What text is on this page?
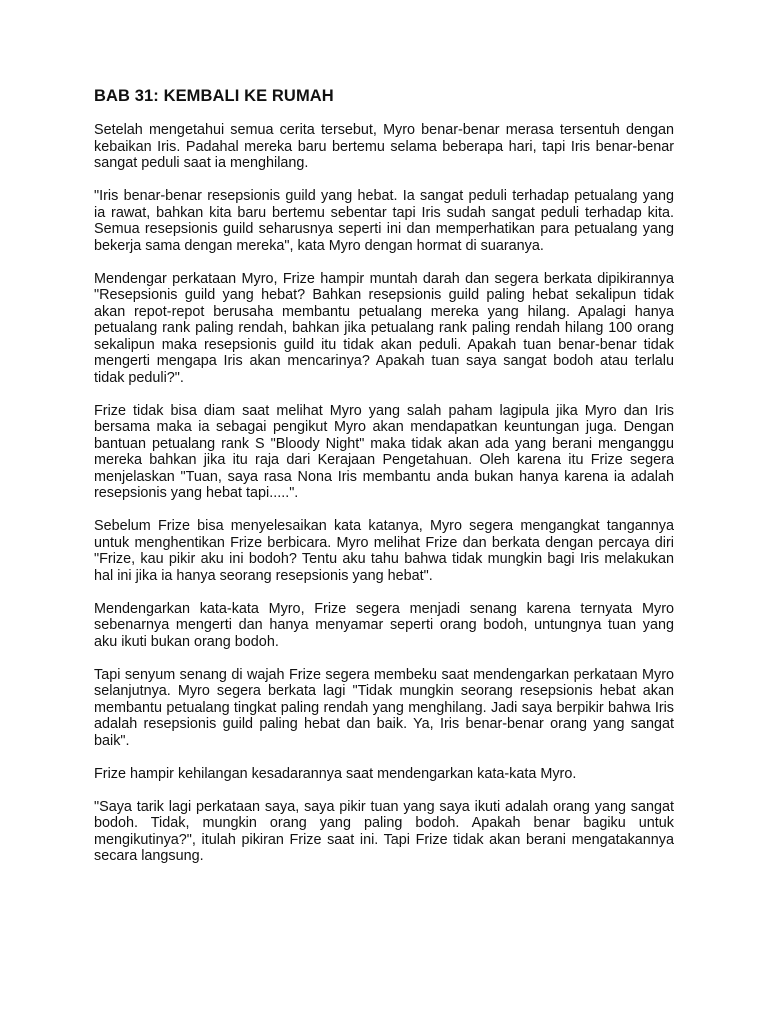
BAB 31: KEMBALI KE RUMAH

Setelah mengetahui semua cerita tersebut, Myro benar-benar merasa tersentuh dengan kebaikan Iris. Padahal mereka baru bertemu selama beberapa hari, tapi Iris benar-benar sangat peduli saat ia menghilang.

"Iris benar-benar resepsionis guild yang hebat. Ia sangat peduli terhadap petualang yang ia rawat, bahkan kita baru bertemu sebentar tapi Iris sudah sangat peduli terhadap kita. Semua resepsionis guild seharusnya seperti ini dan memperhatikan para petualang yang bekerja sama dengan mereka", kata Myro dengan hormat di suaranya.

Mendengar perkataan Myro, Frize hampir muntah darah dan segera berkata dipikirannya "Resepsionis guild yang hebat? Bahkan resepsionis guild paling hebat sekalipun tidak akan repot-repot berusaha membantu petualang mereka yang hilang. Apalagi hanya petualang rank paling rendah, bahkan jika petualang rank paling rendah hilang 100 orang sekalipun maka resepsionis guild itu tidak akan peduli. Apakah tuan benar-benar tidak mengerti mengapa Iris akan mencarinya? Apakah tuan saya sangat bodoh atau terlalu tidak peduli?".

Frize tidak bisa diam saat melihat Myro yang salah paham lagipula jika Myro dan Iris bersama maka ia sebagai pengikut Myro akan mendapatkan keuntungan juga. Dengan bantuan petualang rank S "Bloody Night" maka tidak akan ada yang berani menganggu mereka bahkan jika itu raja dari Kerajaan Pengetahuan. Oleh karena itu Frize segera menjelaskan "Tuan, saya rasa Nona Iris membantu anda bukan hanya karena ia adalah resepsionis yang hebat tapi.....".

Sebelum Frize bisa menyelesaikan kata katanya, Myro segera mengangkat tangannya untuk menghentikan Frize berbicara. Myro melihat Frize dan berkata dengan percaya diri "Frize, kau pikir aku ini bodoh? Tentu aku tahu bahwa tidak mungkin bagi Iris melakukan hal ini jika ia hanya seorang resepsionis yang hebat".

Mendengarkan kata-kata Myro, Frize segera menjadi senang karena ternyata Myro sebenarnya mengerti dan hanya menyamar seperti orang bodoh, untungnya tuan yang aku ikuti bukan orang bodoh.

Tapi senyum senang di wajah Frize segera membeku saat mendengarkan perkataan Myro selanjutnya. Myro segera berkata lagi "Tidak mungkin seorang resepsionis hebat akan membantu petualang tingkat paling rendah yang menghilang. Jadi saya berpikir bahwa Iris adalah resepsionis guild paling hebat dan baik. Ya, Iris benar-benar orang yang sangat baik".

Frize hampir kehilangan kesadarannya saat mendengarkan kata-kata Myro.

"Saya tarik lagi perkataan saya, saya pikir tuan yang saya ikuti adalah orang yang sangat bodoh. Tidak, mungkin orang yang paling bodoh. Apakah benar bagiku untuk mengikutinya?", itulah pikiran Frize saat ini. Tapi Frize tidak akan berani mengatakannya secara langsung.
